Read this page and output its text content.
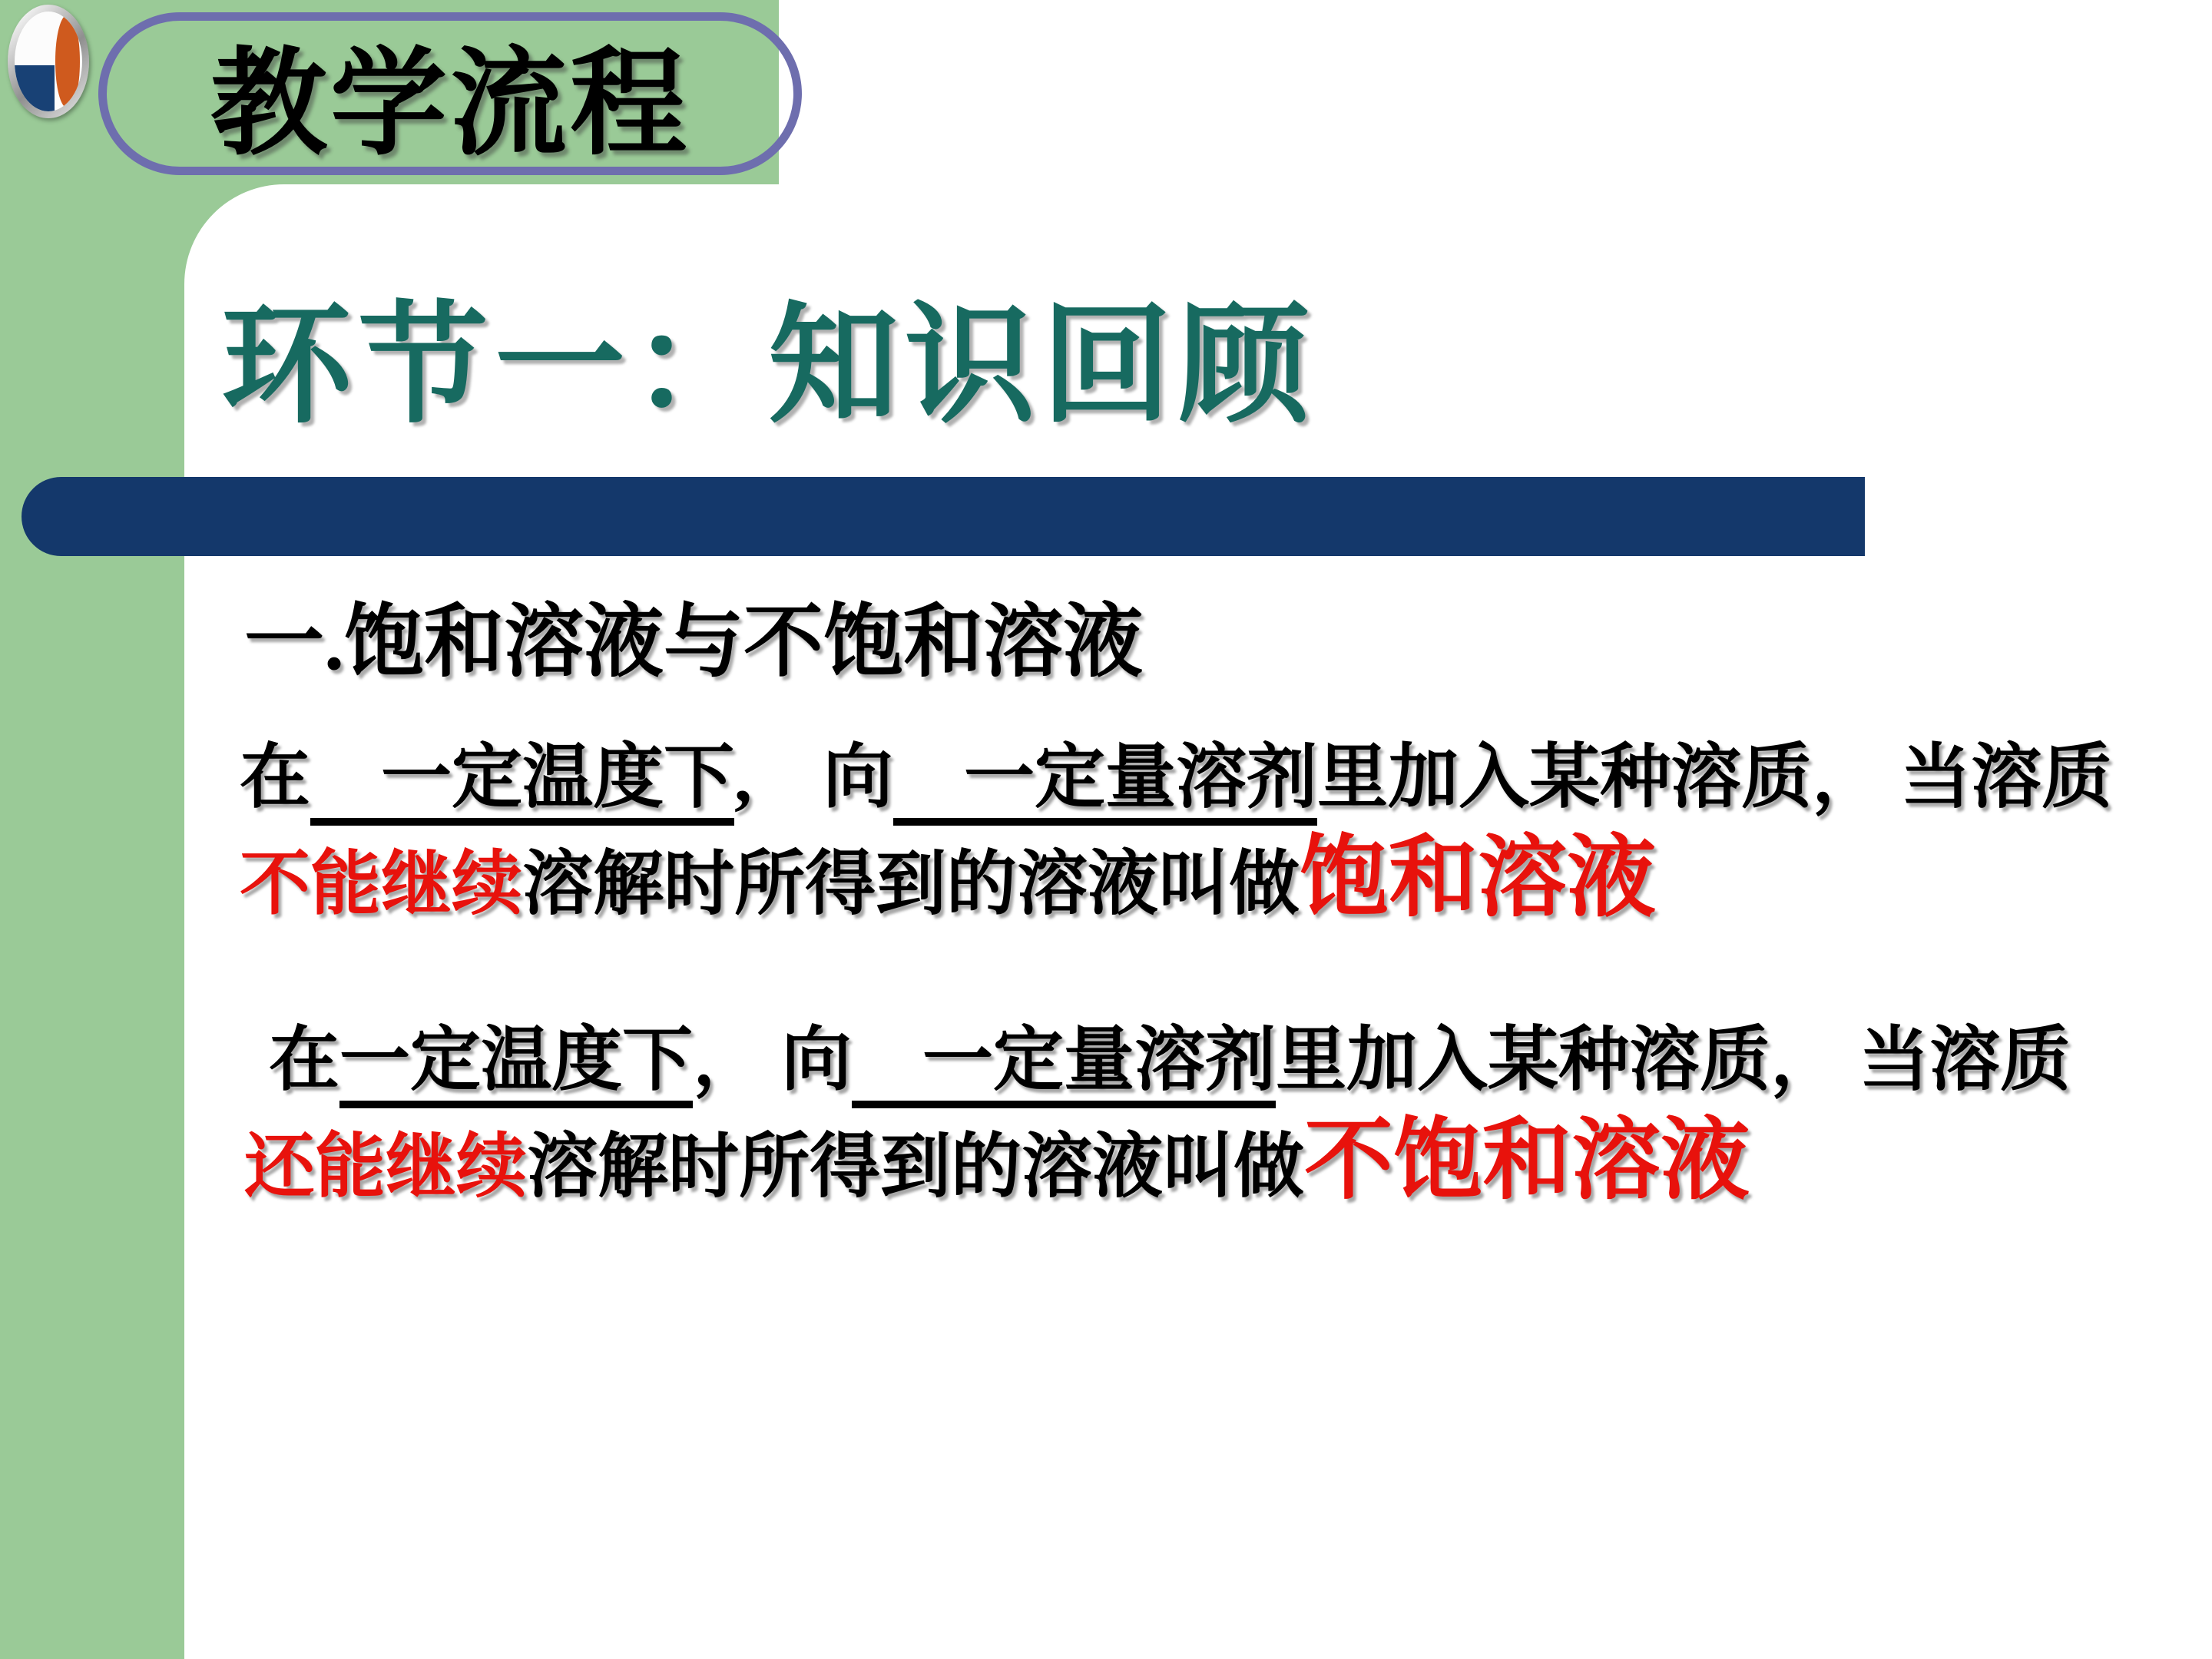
教学流程
环节一：知识回顾
一.饱和溶液与不饱和溶液
在　一定温度下,　向　一定量溶剂里加入某种溶质， 当溶质
不能继续溶解时所得到的溶液叫做饱和溶液
在一定温度下， 向　一定量溶剂里加入某种溶质， 当溶质
还能继续溶解时所得到的溶液叫做不饱和溶液
